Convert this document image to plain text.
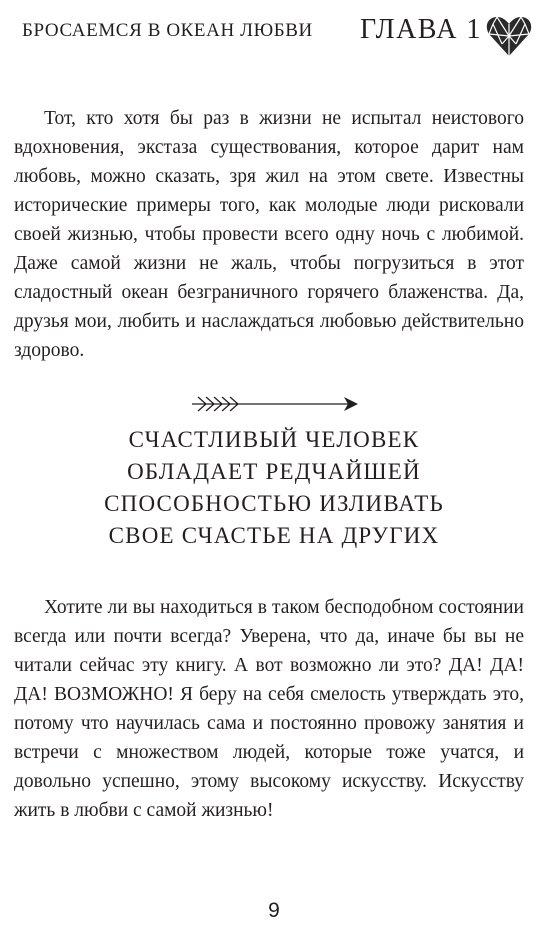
БРОСАЕМСЯ В ОКЕАН ЛЮБВИ ГЛАВА 1

Тот, кто хотя бы раз в жизни не испытал неистового вдохновения, экстаза существования, которое дарит нам любовь, можно сказать, зря жил на этом свете. Известны исторические примеры того, как молодые люди рисковали своей жизнью, чтобы провести всего одну ночь с любимой. Даже самой жизни не жаль, чтобы погрузиться в этот сладостный океан безграничного горячего блаженства. Да, друзья мои, любить и наслаждаться любовью действительно здорово.

СЧАСТЛИВЫЙ ЧЕЛОВЕК
ОБЛАДАЕТ РЕДЧАЙШЕЙ
СПОСОБНОСТЬЮ ИЗЛИВАТЬ
СВОЕ СЧАСТЬЕ НА ДРУГИХ

Хотите ли вы находиться в таком бесподобном состоянии всегда или почти всегда? Уверена, что да, иначе бы вы не читали сейчас эту книгу. А вот возможно ли это? ДА! ДА! ДА! ВОЗМОЖНО! Я беру на себя смелость утверждать это, потому что научилась сама и постоянно провожу занятия и встречи с множеством людей, которые тоже учатся, и довольно успешно, этому высокому искусству. Искусству жить в любви с самой жизнью!

9
